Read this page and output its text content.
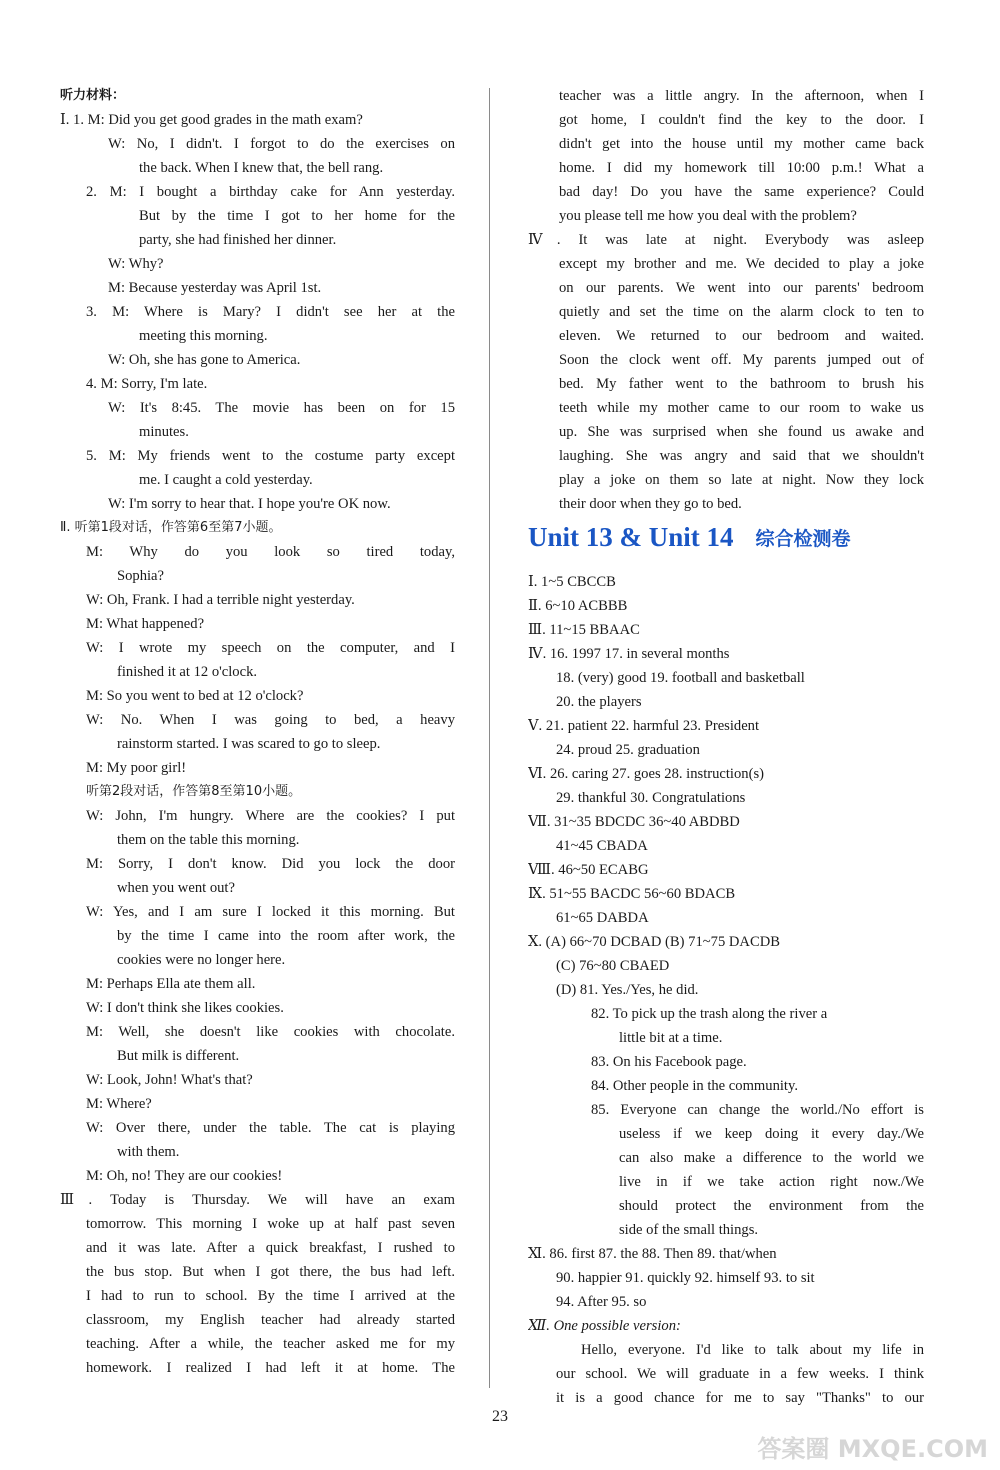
听力材料：
Ⅰ. 1. M: Did you get good grades in the math exam?
W: No, I didn't. I forgot to do the exercises on
the back. When I knew that, the bell rang.
2. M: I bought a birthday cake for Ann yesterday.
But by the time I got to her home for the
party, she had finished her dinner.
W: Why?
M: Because yesterday was April 1st.
3. M: Where is Mary? I didn't see her at the
meeting this morning.
W: Oh, she has gone to America.
4. M: Sorry, I'm late.
W: It's 8:45. The movie has been on for 15
minutes.
5. M: My friends went to the costume party except
me. I caught a cold yesterday.
W: I'm sorry to hear that. I hope you're OK now.
Ⅱ. 听第1段对话，作答第6至第7小题。
M: Why do you look so tired today,
Sophia?
W: Oh, Frank. I had a terrible night yesterday.
M: What happened?
W: I wrote my speech on the computer, and I
finished it at 12 o'clock.
M: So you went to bed at 12 o'clock?
W: No. When I was going to bed, a heavy
rainstorm started. I was scared to go to sleep.
M: My poor girl!
听第2段对话，作答第8至第10小题。
W: John, I'm hungry. Where are the cookies? I put
them on the table this morning.
M: Sorry, I don't know. Did you lock the door
when you went out?
W: Yes, and I am sure I locked it this morning. But
by the time I came into the room after work, the
cookies were no longer here.
M: Perhaps Ella ate them all.
W: I don't think she likes cookies.
M: Well, she doesn't like cookies with chocolate.
But milk is different.
W: Look, John! What's that?
M: Where?
W: Over there, under the table. The cat is playing
with them.
M: Oh, no! They are our cookies!
Ⅲ. Today is Thursday. We will have an exam
tomorrow. This morning I woke up at half past seven
and it was late. After a quick breakfast, I rushed to
the bus stop. But when I got there, the bus had left.
I had to run to school. By the time I arrived at the
classroom, my English teacher had already started
teaching. After a while, the teacher asked me for my
homework. I realized I had left it at home. The
teacher was a little angry. In the afternoon, when I
got home, I couldn't find the key to the door. I
didn't get into the house until my mother came back
home. I did my homework till 10:00 p.m.! What a
bad day! Do you have the same experience? Could
you please tell me how you deal with the problem?
Ⅳ. It was late at night. Everybody was asleep
except my brother and me. We decided to play a joke
on our parents. We went into our parents' bedroom
quietly and set the time on the alarm clock to ten to
eleven. We returned to our bedroom and waited.
Soon the clock went off. My parents jumped out of
bed. My father went to the bathroom to brush his
teeth while my mother came to our room to wake us
up. She was surprised when she found us awake and
laughing. She was angry and said that we shouldn't
play a joke on them so late at night. Now they lock
their door when they go to bed.
Unit 13 & Unit 14 综合检测卷
Ⅰ. 1~5 CBCCB
Ⅱ. 6~10 ACBBB
Ⅲ. 11~15 BBAAC
Ⅳ. 16. 1997 17. in several months
18. (very) good 19. football and basketball
20. the players
Ⅴ. 21. patient 22. harmful 23. President
24. proud 25. graduation
Ⅵ. 26. caring 27. goes 28. instruction(s)
29. thankful 30. Congratulations
Ⅶ. 31~35 BDCDC 36~40 ABDBD
41~45 CBADA
Ⅷ. 46~50 ECABG
Ⅸ. 51~55 BACDC 56~60 BDACB
61~65 DABDA
Ⅹ. (A) 66~70 DCBAD (B) 71~75 DACDB
(C) 76~80 CBAED
(D) 81. Yes./Yes, he did.
82. To pick up the trash along the river a
little bit at a time.
83. On his Facebook page.
84. Other people in the community.
85. Everyone can change the world./No effort is
useless if we keep doing it every day./We
can also make a difference to the world we
live in if we take action right now./We
should protect the environment from the
side of the small things.
Ⅺ. 86. first 87. the 88. Then 89. that/when
90. happier 91. quickly 92. himself 93. to sit
94. After 95. so
Ⅻ. One possible version:
Hello, everyone. I'd like to talk about my life in
our school. We will graduate in a few weeks. I think
it is a good chance for me to say "Thanks" to our
23
答案圈 MXQE.COM
